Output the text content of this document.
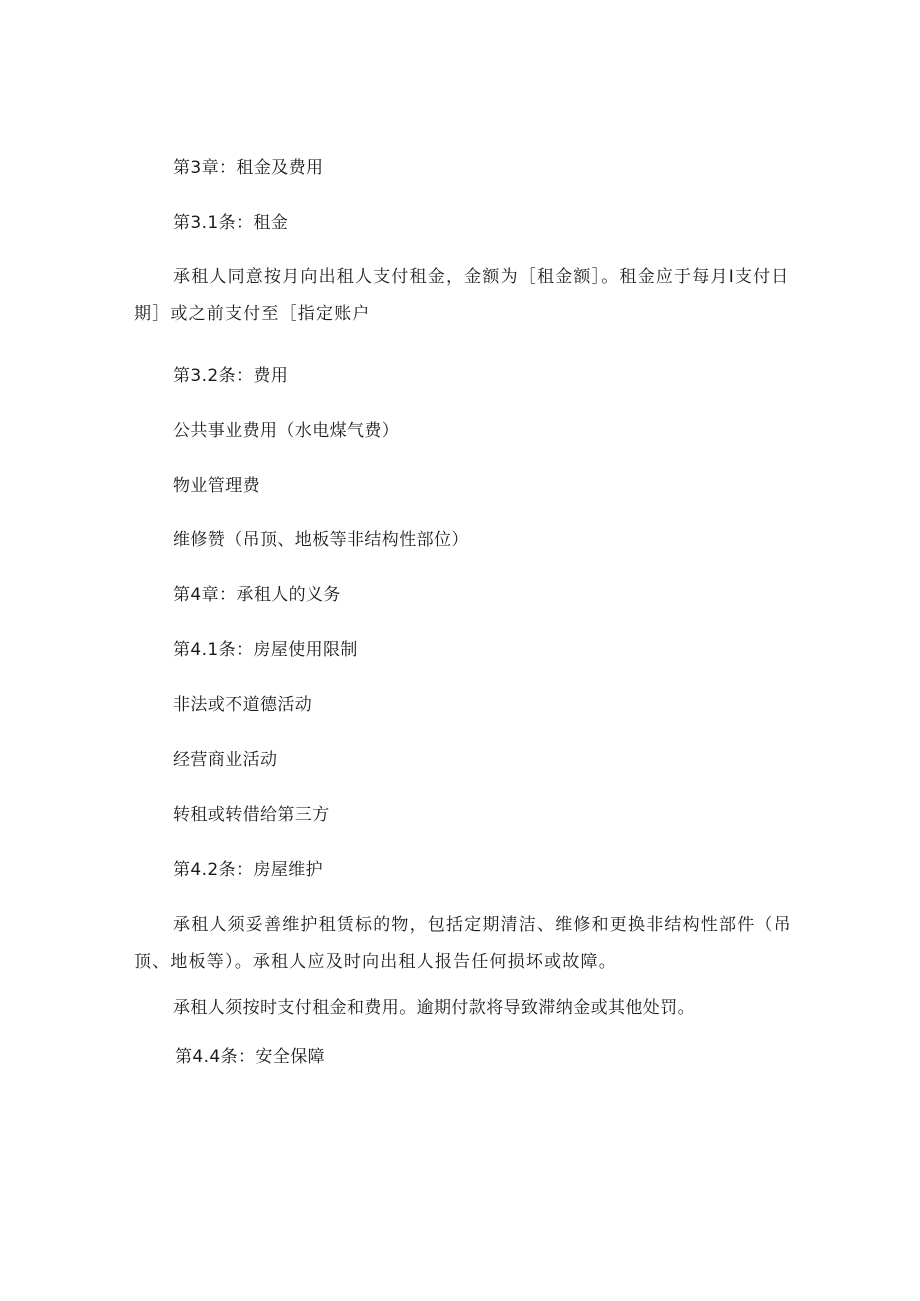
第3章：租金及费用
第3.1条：租金
承租人同意按月向出租人支付租金，金额为［租金额］。租金应于每月I支付日期］或之前支付至［指定账户
第3.2条：费用
公共事业费用（水电煤气费）
物业管理费
维修赞（吊顶、地板等非结构性部位）
第4章：承租人的义务
第4.1条：房屋使用限制
非法或不道德活动
经营商业活动
转租或转借给第三方
第4.2条：房屋维护
承租人须妥善维护租赁标的物，包括定期清洁、维修和更换非结构性部件（吊顶、地板等）。承租人应及时向出租人报告任何损坏或故障。
承租人须按时支付租金和费用。逾期付款将导致滞纳金或其他处罚。
第4.4条：安全保障
